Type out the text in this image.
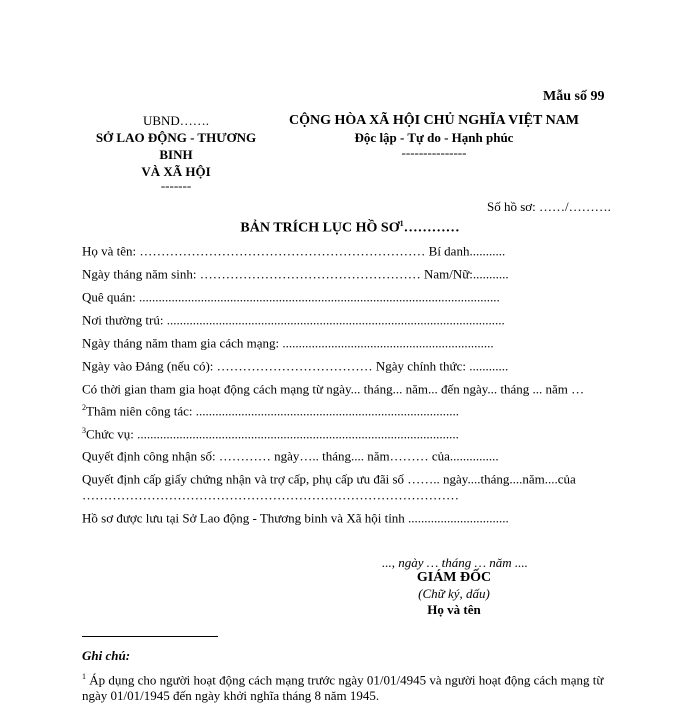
Mẫu số 99
UBND…….
SỞ LAO ĐỘNG - THƯƠNG BINH
VÀ XÃ HỘI
-------
CỘNG HÒA XÃ HỘI CHỦ NGHĨA VIỆT NAM
Độc lập - Tự do - Hạnh phúc
---------------
Số hồ sơ: ……/……….
BẢN TRÍCH LỤC HỒ $SƠ^1\dots\dots\dots\dots$
Họ và tên: ………………………………………………………… Bí danh...........
Ngày tháng năm sinh: …………………………………………… Nam/Nữ:...........
Quê quán: ...............................................................................................................
Nơi thường trú: ........................................................................................................
Ngày tháng năm tham gia cách mạng: .................................................................
Ngày vào Đảng (nếu có): ……………………………… Ngày chính thức: ............
Có thời gian tham gia hoạt động cách mạng từ ngày... tháng... năm... đến ngày... tháng ... năm …
$^2$Thâm niên công tác: .................................................................................
$^3$Chức vụ: ...................................................................................................
Quyết định công nhận số: ………… ngày….. tháng.... năm……… của...............
Quyết định cấp giấy chứng nhận và trợ cấp, phụ cấp ưu đãi số …….. ngày....tháng....năm....của
……………………………………………………………………………
Hồ sơ được lưu tại Sở Lao động - Thương binh và Xã hội tỉnh ...............................
..., ngày … tháng … năm ....
GIÁM ĐỐC
(Chữ ký, dấu)
Họ và tên
Ghi chú:
$^1$ Áp dụng cho người hoạt động cách mạng trước ngày 01/01/4945 và người hoạt động cách mạng từ ngày 01/01/1945 đến ngày khởi nghĩa tháng 8 năm 1945.
